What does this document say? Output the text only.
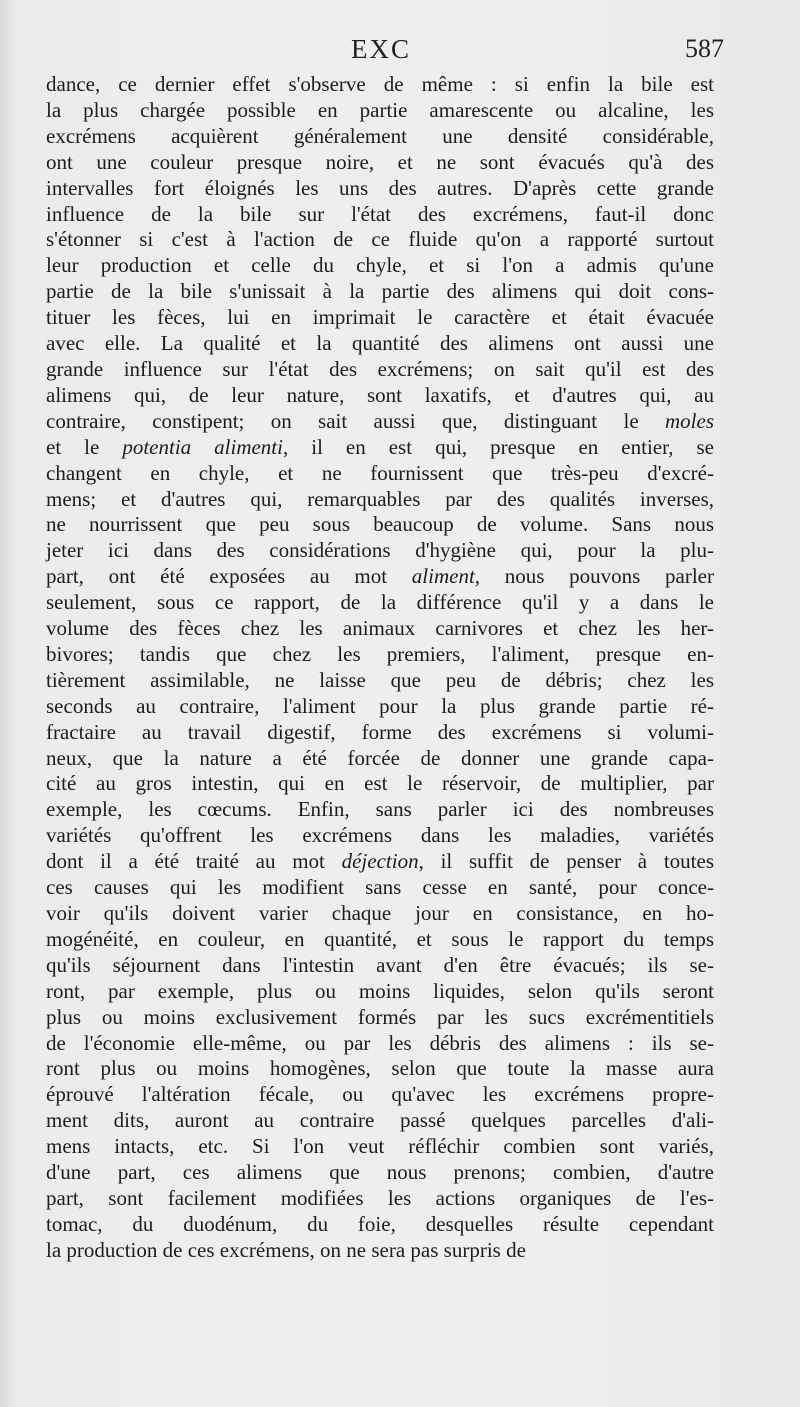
EXC	587
dance, ce dernier effet s'observe de même : si enfin la bile est
la plus chargée possible en partie amarescente ou alcaline, les
excrémens acquièrent généralement une densité considérable,
ont une couleur presque noire, et ne sont évacués qu'à des
intervalles fort éloignés les uns des autres. D'après cette grande
influence de la bile sur l'état des excrémens, faut-il donc
s'étonner si c'est à l'action de ce fluide qu'on a rapporté surtout
leur production et celle du chyle, et si l'on a admis qu'une
partie de la bile s'unissait à la partie des alimens qui doit cons-
tituer les fèces, lui en imprimait le caractère et était évacuée
avec elle. La qualité et la quantité des alimens ont aussi une
grande influence sur l'état des excrémens; on sait qu'il est des
alimens qui, de leur nature, sont laxatifs, et d'autres qui, au
contraire, constipent; on sait aussi que, distinguant le moles
et le potentia alimenti, il en est qui, presque en entier, se
changent en chyle, et ne fournissent que très-peu d'excré-
mens; et d'autres qui, remarquables par des qualités inverses,
ne nourrissent que peu sous beaucoup de volume. Sans nous
jeter ici dans des considérations d'hygiène qui, pour la plu-
part, ont été exposées au mot aliment, nous pouvons parler
seulement, sous ce rapport, de la différence qu'il y a dans le
volume des fèces chez les animaux carnivores et chez les her-
bivores; tandis que chez les premiers, l'aliment, presque en-
tièrement assimilable, ne laisse que peu de débris; chez les
seconds au contraire, l'aliment pour la plus grande partie ré-
fractaire au travail digestif, forme des excrémens si volumi-
neux, que la nature a été forcée de donner une grande capa-
cité au gros intestin, qui en est le réservoir, de multiplier, par
exemple, les cœcums. Enfin, sans parler ici des nombreuses
variétés qu'offrent les excrémens dans les maladies, variétés
dont il a été traité au mot déjection, il suffit de penser à toutes
ces causes qui les modifient sans cesse en santé, pour conce-
voir qu'ils doivent varier chaque jour en consistance, en ho-
mogénéité, en couleur, en quantité, et sous le rapport du temps
qu'ils séjournent dans l'intestin avant d'en être évacués; ils se-
ront, par exemple, plus ou moins liquides, selon qu'ils seront
plus ou moins exclusivement formés par les sucs excrémentitiels
de l'économie elle-même, ou par les débris des alimens : ils se-
ront plus ou moins homogènes, selon que toute la masse aura
éprouvé l'altération fécale, ou qu'avec les excrémens propre-
ment dits, auront au contraire passé quelques parcelles d'ali-
mens intacts, etc. Si l'on veut réfléchir combien sont variés,
d'une part, ces alimens que nous prenons; combien, d'autre
part, sont facilement modifiées les actions organiques de l'es-
tomac, du duodénum, du foie, desquelles résulte cependant
la production de ces excrémens, on ne sera pas surpris de
